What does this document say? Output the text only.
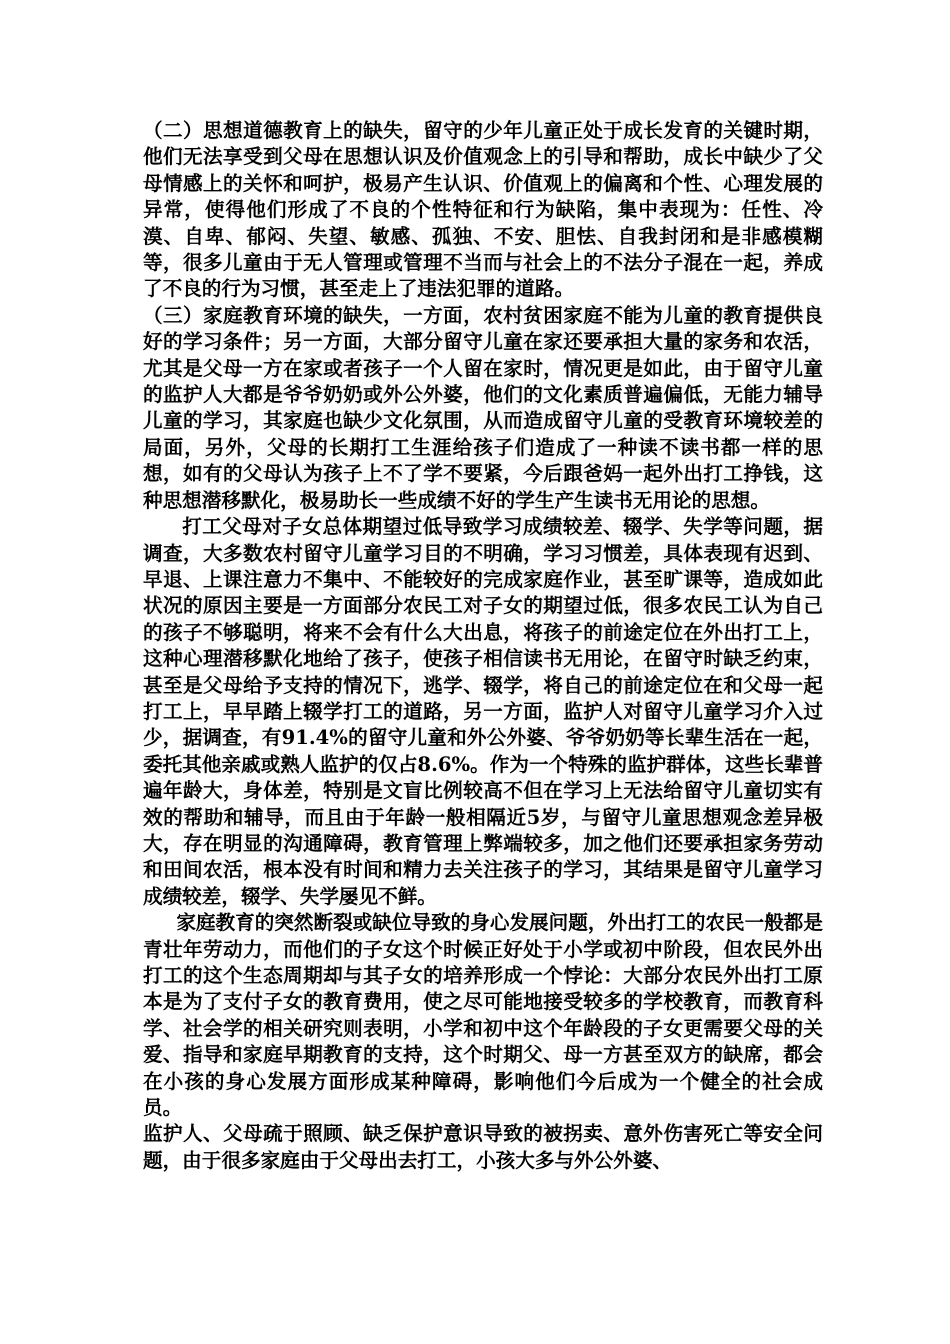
（二）思想道德教育上的缺失，留守的少年儿童正处于成长发育的关键时期，他们无法享受到父母在思想认识及价值观念上的引导和帮助，成长中缺少了父母情感上的关怀和呵护，极易产生认识、价值观上的偏离和个性、心理发展的异常，使得他们形成了不良的个性特征和行为缺陷，集中表现为：任性、冷漠、自卑、郁闷、失望、敏感、孤独、不安、胆怯、自我封闭和是非感模糊等，很多儿童由于无人管理或管理不当而与社会上的不法分子混在一起，养成了不良的行为习惯，甚至走上了违法犯罪的道路。

（三）家庭教育环境的缺失，一方面，农村贫困家庭不能为儿童的教育提供良好的学习条件；另一方面，大部分留守儿童在家还要承担大量的家务和农活，尤其是父母一方在家或者孩子一个人留在家时，情况更是如此，由于留守儿童的监护人大都是爷爷奶奶或外公外婆，他们的文化素质普遍偏低，无能力辅导儿童的学习，其家庭也缺少文化氛围，从而造成留守儿童的受教育环境较差的局面，另外，父母的长期打工生涯给孩子们造成了一种读不读书都一样的思想，如有的父母认为孩子上不了学不要紧，今后跟爸妈一起外出打工挣钱，这种思想潜移默化，极易助长一些成绩不好的学生产生读书无用论的思想。

打工父母对子女总体期望过低导致学习成绩较差、辍学、失学等问题，据调查，大多数农村留守儿童学习目的不明确，学习习惯差，具体表现有迟到、早退、上课注意力不集中、不能较好的完成家庭作业，甚至旷课等，造成如此状况的原因主要是一方面部分农民工对子女的期望过低，很多农民工认为自己的孩子不够聪明，将来不会有什么大出息，将孩子的前途定位在外出打工上，这种心理潜移默化地给了孩子，使孩子相信读书无用论，在留守时缺乏约束，甚至是父母给予支持的情况下，逃学、辍学，将自己的前途定位在和父母一起打工上，早早踏上辍学打工的道路，另一方面，监护人对留守儿童学习介入过少，据调查，有91.4%的留守儿童和外公外婆、爷爷奶奶等长辈生活在一起，委托其他亲戚或熟人监护的仅占8.6%。作为一个特殊的监护群体，这些长辈普遍年龄大，身体差，特别是文盲比例较高不但在学习上无法给留守儿童切实有效的帮助和辅导，而且由于年龄一般相隔近5岁，与留守儿童思想观念差异极大，存在明显的沟通障碍，教育管理上弊端较多，加之他们还要承担家务劳动和田间农活，根本没有时间和精力去关注孩子的学习，其结果是留守儿童学习成绩较差，辍学、失学屡见不鲜。

家庭教育的突然断裂或缺位导致的身心发展问题，外出打工的农民一般都是青壮年劳动力，而他们的子女这个时候正好处于小学或初中阶段，但农民外出打工的这个生态周期却与其子女的培养形成一个悖论：大部分农民外出打工原本是为了支付子女的教育费用，使之尽可能地接受较多的学校教育，而教育科学、社会学的相关研究则表明，小学和初中这个年龄段的子女更需要父母的关爱、指导和家庭早期教育的支持，这个时期父、母一方甚至双方的缺席，都会在小孩的身心发展方面形成某种障碍，影响他们今后成为一个健全的社会成员。

监护人、父母疏于照顾、缺乏保护意识导致的被拐卖、意外伤害死亡等安全问题，由于很多家庭由于父母出去打工，小孩大多与外公外婆、
